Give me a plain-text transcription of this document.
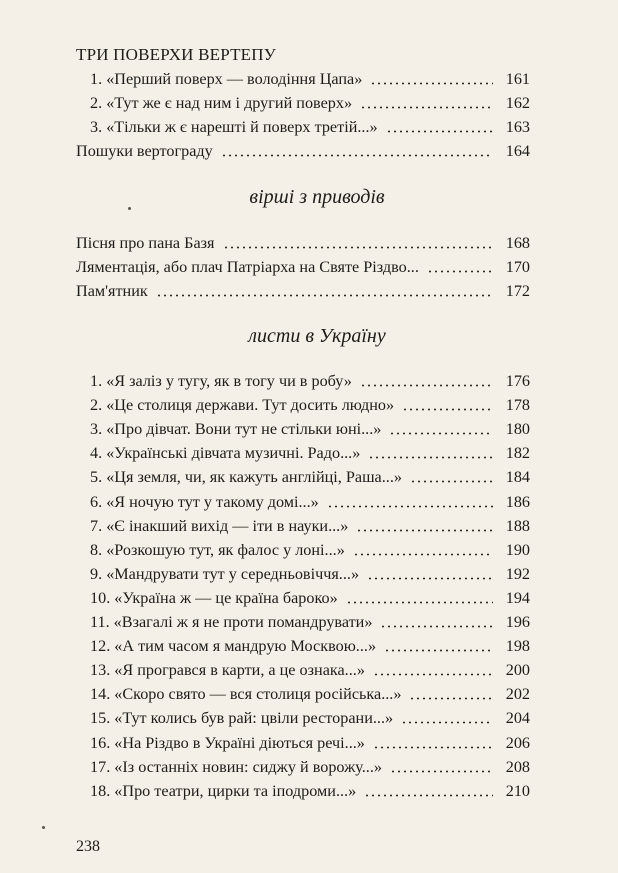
ТРИ ПОВЕРХИ ВЕРТЕПУ
1. «Перший поверх — володіння Цапа»	161
2. «Тут же є над ним і другий поверх»	162
3. «Тільки ж є нарешті й поверх третій...»	163
Пошуки вертограду	164
вірші з приводів
Пісня про пана Базя	168
Ляментація, або плач Патріарха на Святе Різдво...	170
Пам'ятник	172
листи в Україну
1. «Я заліз у тугу, як в тогу чи в робу»	176
2. «Це столиця держави. Тут досить людно»	178
3. «Про дівчат. Вони тут не стільки юні...»	180
4. «Українські дівчата музичні. Радо...»	182
5. «Ця земля, чи, як кажуть англійці, Раша...»	184
6. «Я ночую тут у такому домі...»	186
7. «Є інакший вихід — іти в науки...»	188
8. «Розкошую тут, як фалос у лоні...»	190
9. «Мандрувати тут у середньовіччя...»	192
10. «Україна ж — це країна бароко»	194
11. «Взагалі ж я не проти помандрувати»	196
12. «А тим часом я мандрую Москвою...»	198
13. «Я програвся в карти, а це ознака...»	200
14. «Скоро свято — вся столиця російська...»	202
15. «Тут колись був рай: цвіли ресторани...»	204
16. «На Різдво в Україні діються речі...»	206
17. «Із останніх новин: сиджу й ворожу...»	208
18. «Про театри, цирки та іподроми...»	210
238
